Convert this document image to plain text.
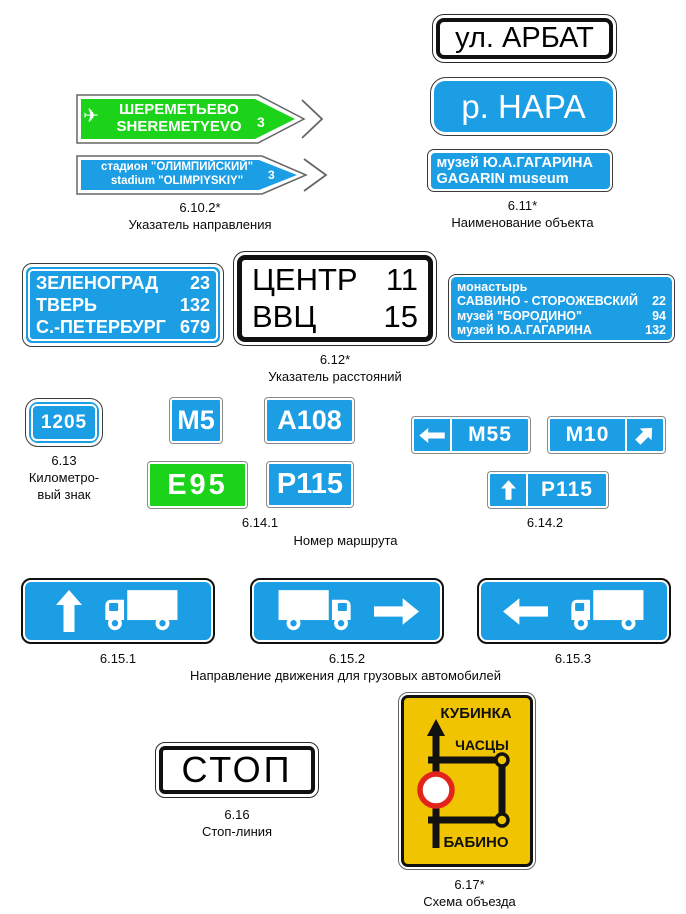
✈	ШЕРЕМЕТЬЕВО
SHEREMETYEVO	3
стадион "ОЛИМПИЙСКИЙ"
stadium "OLIMPIYSKIY"	3
6.10.2*
Указатель направления
ул. АРБАТ
р. НАРА
музей Ю.А.ГАГАРИНА
GAGARIN museum
6.11*
Наименование объекта
ЗЕЛЕНОГРАД 23
ТВЕРЬ	132
С.-ПЕТЕРБУРГ 679
ЦЕНТР 11
ВВЦ 15
монастырь
САВВИНО - СТОРОЖЕВСКИЙ 22
музей "БОРОДИНО"	94
музей Ю.А.ГАГАРИНА	132
6.12*
Указатель расстояний
1205
6.13
Километро-
вый знак
М5 А108
Е95 Р115
6.14.1
М55	М10
Р115
6.14.2
Номер маршрута
6.15.1	6.15.2	6.15.3
Направление движения для грузовых автомобилей
СТОП
6.16
Стоп-линия
КУБИНКА
ЧАСЦЫ
БАБИНО
6.17*
Схема объезда
